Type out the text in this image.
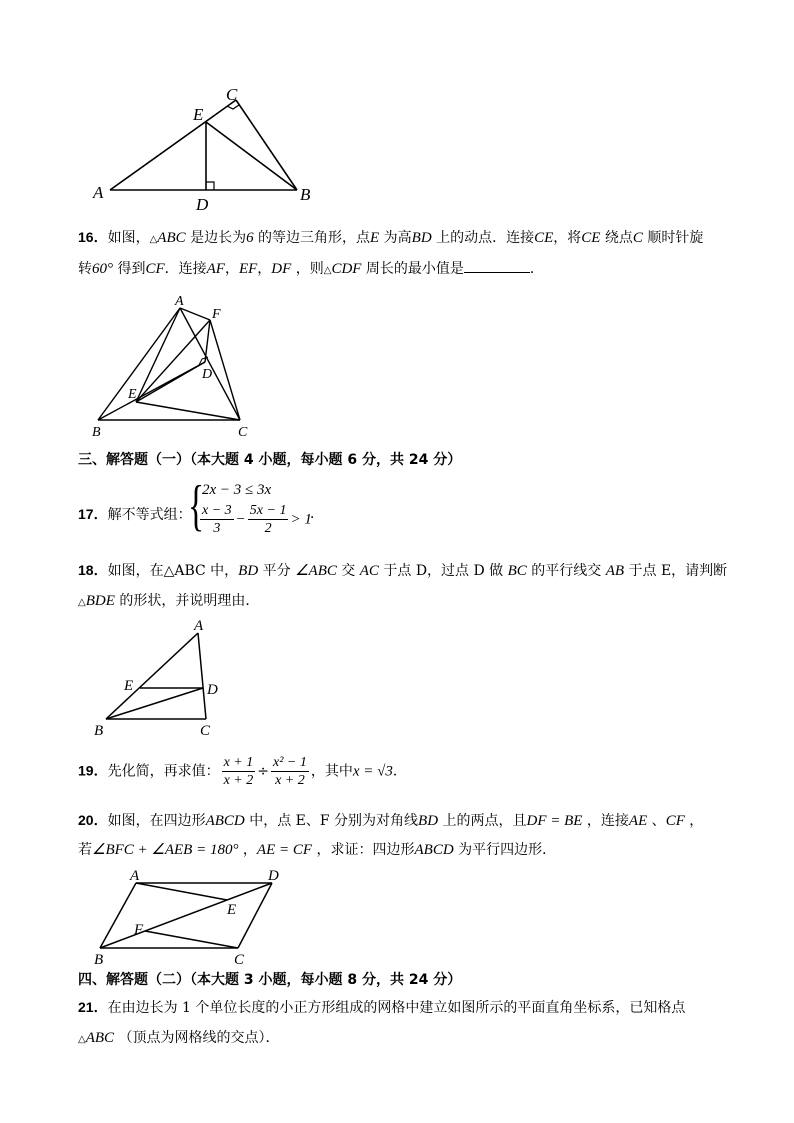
A	B
C
D
E
16．如图，△ABC 是边长为6 的等边三角形，点E 为高BD 上的动点．连接CE，将CE 绕点C 顺时针旋
转60° 得到CF．连接AF，EF，DF ，则△CDF 周长的最小值是	．
A
F
D
E
B	C
三、解答题（一）（本大题 4 小题，每小题 6 分，共 24 分）
17．解不等式组：
{
2x − 3 ≤ 3x
$\frac{x - 3}{3} - \frac{5x - 1}{2} > 1$
．
18．如图，在△ABC 中，BD 平分 ∠ABC 交 AC 于点 D，过点 D 做 BC 的平行线交 AB 于点 E，请判断
△BDE 的形状，并说明理由．
A
E	D
B	C
19．先化简，再求值： $\frac{x + 1}{x + 2} \div \frac{\text{x² − 1}}{x + 2}$ ，其中x = √3．
20．如图，在四边形ABCD 中，点 E、F 分别为对角线BD 上的两点，且DF = BE ，连接AE 、CF ，
若∠BFC + ∠AEB = 180° ，AE = CF ，求证：四边形ABCD 为平行四边形．
A	D
E
F
B	C
四、解答题（二）（本大题 3 小题，每小题 8 分，共 24 分）
21．在由边长为 1 个单位长度的小正方形组成的网格中建立如图所示的平面直角坐标系，已知格点
△ABC （顶点为网格线的交点）．
